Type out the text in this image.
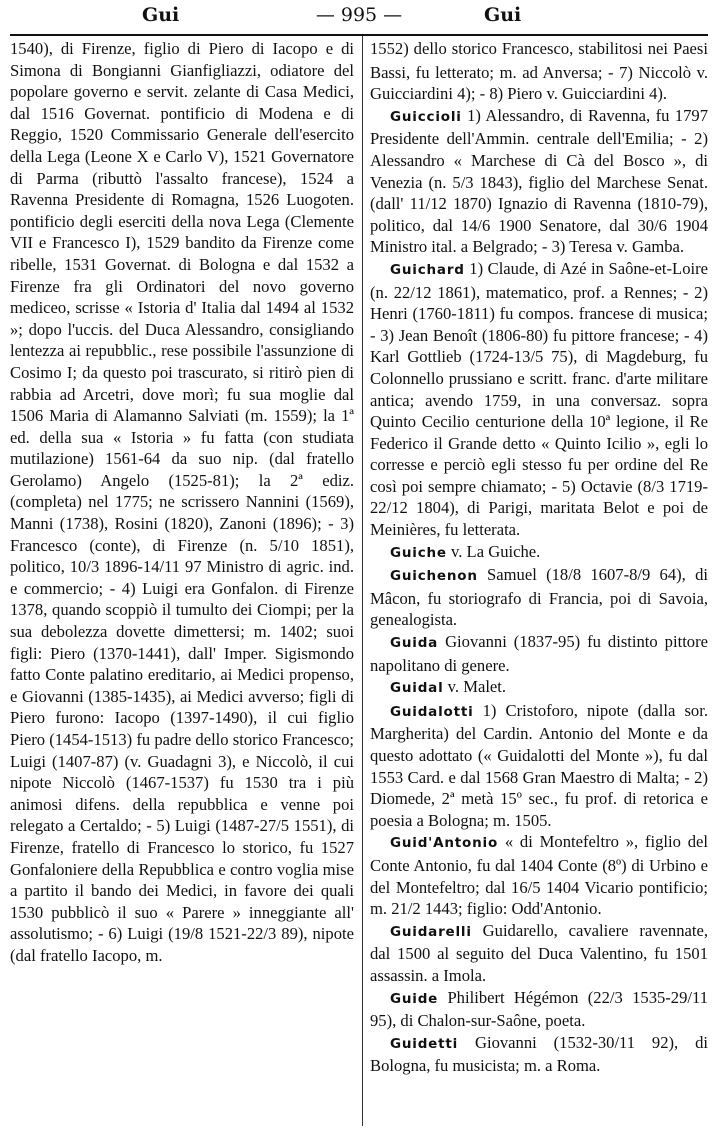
Gui	— 995 —	Gui

1540), di Firenze, figlio di Piero di Iacopo e di Simona di Bongianni Gianfigliazzi, odiatore del popolare governo e servit. zelante di Casa Medici, dal 1516 Governat. pontificio di Modena e di Reggio, 1520 Commissario Generale dell'esercito della Lega (Leone X e Carlo V), 1521 Governatore di Parma (ributtò l'assalto francese), 1524 a Ravenna Presidente di Romagna, 1526 Luogoten. pontificio degli eserciti della nova Lega (Clemente VII e Francesco I), 1529 bandito da Firenze come ribelle, 1531 Governat. di Bologna e dal 1532 a Firenze fra gli Ordinatori del novo governo mediceo, scrisse « Istoria d' Italia dal 1494 al 1532 »; dopo l'uccis. del Duca Alessandro, consigliando lentezza ai repubblic., rese possibile l'assunzione di Cosimo I; da questo poi trascurato, si ritirò pien di rabbia ad Arcetri, dove morì; fu sua moglie dal 1506 Maria di Alamanno Salviati (m. 1559); la 1ª ed. della sua « Istoria » fu fatta (con studiata mutilazione) 1561-64 da suo nip. (dal fratello Gerolamo) Angelo (1525-81); la 2ª ediz. (completa) nel 1775; ne scrissero Nannini (1569), Manni (1738), Rosini (1820), Zanoni (1896); - 3) Francesco (conte), di Firenze (n. 5/10 1851), politico, 10/3 1896-14/11 97 Ministro di agric. ind. e commercio; - 4) Luigi era Gonfalon. di Firenze 1378, quando scoppiò il tumulto dei Ciompi; per la sua debolezza dovette dimettersi; m. 1402; suoi figli: Piero (1370-1441), dall' Imper. Sigismondo fatto Conte palatino ereditario, ai Medici propenso, e Giovanni (1385-1435), ai Medici avverso; figli di Piero furono: Iacopo (1397-1490), il cui figlio Piero (1454-1513) fu padre dello storico Francesco; Luigi (1407-87) (v. Guadagni 3), e Niccolò, il cui nipote Niccolò (1467-1537) fu 1530 tra i più animosi difens. della repubblica e venne poi relegato a Certaldo; - 5) Luigi (1487-27/5 1551), di Firenze, fratello di Francesco lo storico, fu 1527 Gonfaloniere della Repubblica e contro voglia mise a partito il bando dei Medici, in favore dei quali 1530 pubblicò il suo « Parere » inneggiante all' assolutismo; - 6) Luigi (19/8 1521-22/3 89), nipote (dal fratello Iacopo, m.

1552) dello storico Francesco, stabilitosi nei Paesi Bassi, fu letterato; m. ad Anversa; - 7) Niccolò v. Guicciardini 4); - 8) Piero v. Guicciardini 4).

Guiccioli 1) Alessandro, di Ravenna, fu 1797 Presidente dell'Ammin. centrale dell'Emilia; - 2) Alessandro « Marchese di Cà del Bosco », di Venezia (n. 5/3 1843), figlio del Marchese Senat. (dall' 11/12 1870) Ignazio di Ravenna (1810-79), politico, dal 14/6 1900 Senatore, dal 30/6 1904 Ministro ital. a Belgrado; - 3) Teresa v. Gamba.

Guichard 1) Claude, di Azé in Saône-et-Loire (n. 22/12 1861), matematico, prof. a Rennes; - 2) Henri (1760-1811) fu compos. francese di musica; - 3) Jean Benoît (1806-80) fu pittore francese; - 4) Karl Gottlieb (1724-13/5 75), di Magdeburg, fu Colonnello prussiano e scritt. franc. d'arte militare antica; avendo 1759, in una conversaz. sopra Quinto Cecilio centurione della 10ª legione, il Re Federico il Grande detto « Quinto Icilio », egli lo corresse e perciò egli stesso fu per ordine del Re così poi sempre chiamato; - 5) Octavie (8/3 1719-22/12 1804), di Parigi, maritata Belot e poi de Meinières, fu letterata.

Guiche v. La Guiche.

Guichenon Samuel (18/8 1607-8/9 64), di Mâcon, fu storiografo di Francia, poi di Savoia, genealogista.

Guida Giovanni (1837-95) fu distinto pittore napolitano di genere.

Guidal v. Malet.

Guidalotti 1) Cristoforo, nipote (dalla sor. Margherita) del Cardin. Antonio del Monte e da questo adottato (« Guidalotti del Monte »), fu dal 1553 Card. e dal 1568 Gran Maestro di Malta; - 2) Diomede, 2ª metà 15º sec., fu prof. di retorica e poesia a Bologna; m. 1505.

Guid'Antonio « di Montefeltro », figlio del Conte Antonio, fu dal 1404 Conte (8º) di Urbino e del Montefeltro; dal 16/5 1404 Vicario pontificio; m. 21/2 1443; figlio: Odd'Antonio.

Guidarelli Guidarello, cavaliere ravennate, dal 1500 al seguito del Duca Valentino, fu 1501 assassin. a Imola.

Guide Philibert Hégémon (22/3 1535-29/11 95), di Chalon-sur-Saône, poeta.

Guidetti Giovanni (1532-30/11 92), di Bologna, fu musicista; m. a Roma.
